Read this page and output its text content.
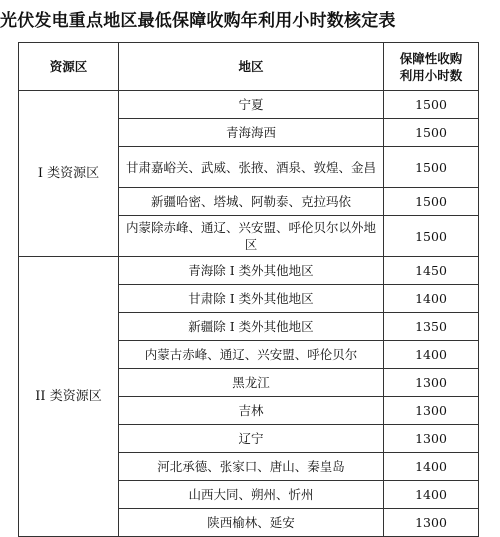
光伏发电重点地区最低保障收购年利用小时数核定表
资源区	地区	保障性收购
利用小时数
I 类资源区	宁夏	1500
	青海海西	1500
	甘肃嘉峪关、武威、张掖、酒泉、敦煌、金昌	1500
	新疆哈密、塔城、阿勒泰、克拉玛依	1500
	内蒙除赤峰、通辽、兴安盟、呼伦贝尔以外地区	1500
II 类资源区	青海除 I 类外其他地区	1450
	甘肃除 I 类外其他地区	1400
	新疆除 I 类外其他地区	1350
	内蒙古赤峰、通辽、兴安盟、呼伦贝尔	1400
	黑龙江	1300
	吉林	1300
	辽宁	1300
	河北承德、张家口、唐山、秦皇岛	1400
	山西大同、朔州、忻州	1400
	陕西榆林、延安	1300
